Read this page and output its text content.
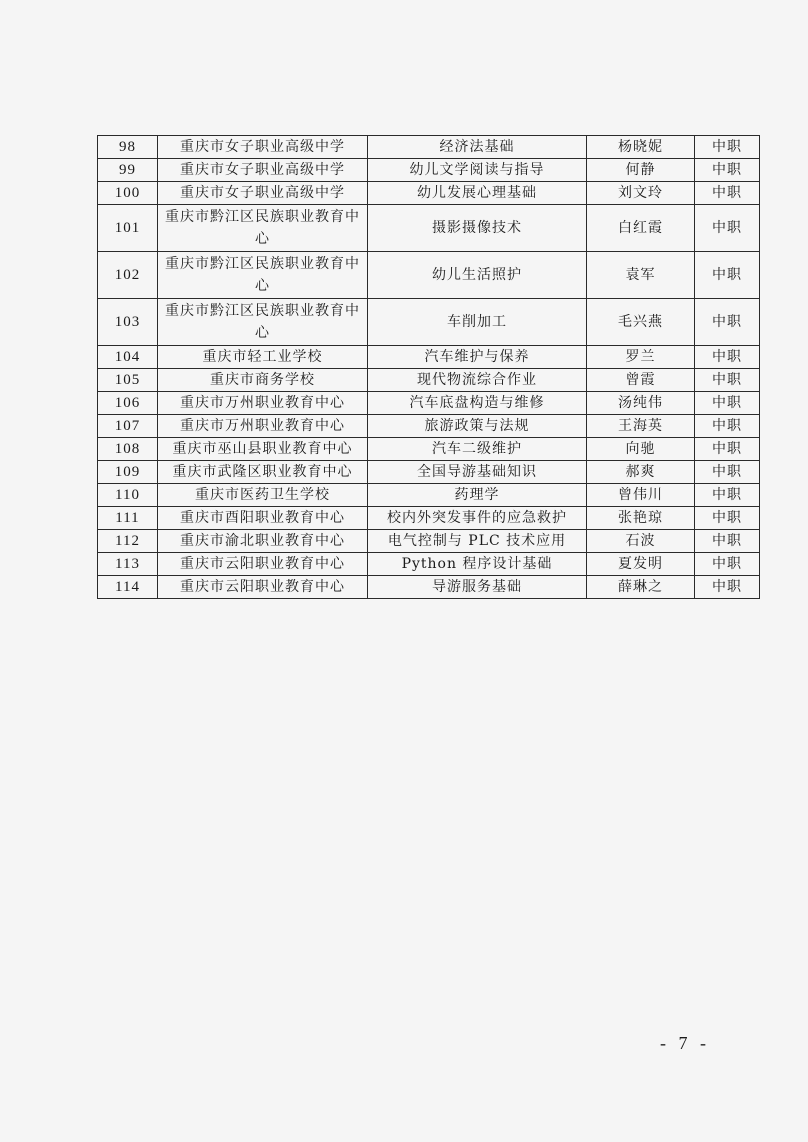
98	重庆市女子职业高级中学	经济法基础	杨晓妮	中职
99	重庆市女子职业高级中学	幼儿文学阅读与指导	何静	中职
100	重庆市女子职业高级中学	幼儿发展心理基础	刘文玲	中职
101	重庆市黔江区民族职业教育中心	摄影摄像技术	白红霞	中职
102	重庆市黔江区民族职业教育中心	幼儿生活照护	袁军	中职
103	重庆市黔江区民族职业教育中心	车削加工	毛兴燕	中职
104	重庆市轻工业学校	汽车维护与保养	罗兰	中职
105	重庆市商务学校	现代物流综合作业	曾霞	中职
106	重庆市万州职业教育中心	汽车底盘构造与维修	汤纯伟	中职
107	重庆市万州职业教育中心	旅游政策与法规	王海英	中职
108	重庆市巫山县职业教育中心	汽车二级维护	向驰	中职
109	重庆市武隆区职业教育中心	全国导游基础知识	郝爽	中职
110	重庆市医药卫生学校	药理学	曾伟川	中职
111	重庆市酉阳职业教育中心	校内外突发事件的应急救护	张艳琼	中职
112	重庆市渝北职业教育中心	电气控制与 PLC 技术应用	石波	中职
113	重庆市云阳职业教育中心	Python 程序设计基础	夏发明	中职
114	重庆市云阳职业教育中心	导游服务基础	薛琳之	中职
- 7 -
